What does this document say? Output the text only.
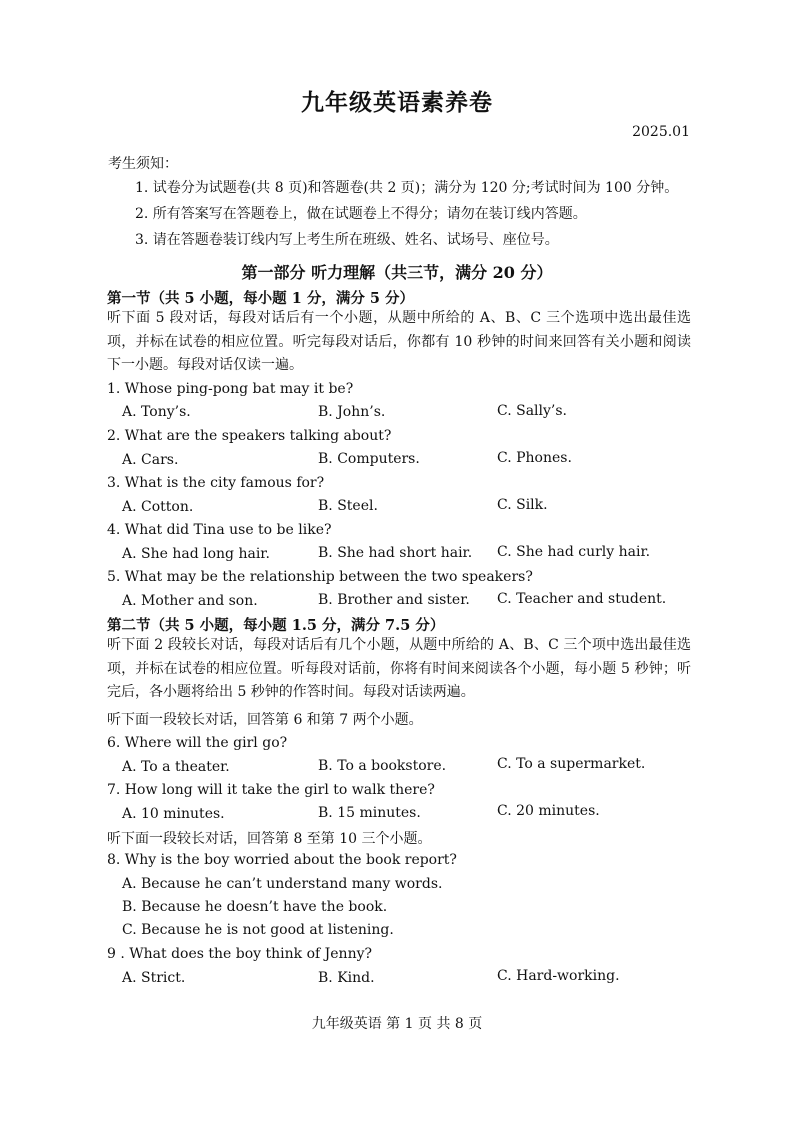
九年级英语素养卷
2025.01
考生须知：
1. 试卷分为试题卷(共 8 页)和答题卷(共 2 页)；满分为 120 分;考试时间为 100 分钟。
2. 所有答案写在答题卷上，做在试题卷上不得分；请勿在装订线内答题。
3. 请在答题卷装订线内写上考生所在班级、姓名、试场号、座位号。
第一部分 听力理解（共三节，满分 20 分）
第一节（共 5 小题，每小题 1 分，满分 5 分）
听下面 5 段对话，每段对话后有一个小题，从题中所给的 A、B、C 三个选项中选出最佳选项，并标在试卷的相应位置。听完每段对话后，你都有 10 秒钟的时间来回答有关小题和阅读下一小题。每段对话仅读一遍。
1. Whose ping-pong bat may it be?
A. Tony’s.	B. John’s.	C. Sally’s.
2. What are the speakers talking about?
A. Cars.	B. Computers.	C. Phones.
3. What is the city famous for?
A. Cotton.	B. Steel.	C. Silk.
4. What did Tina use to be like?
A. She had long hair.	B. She had short hair. C. She had curly hair.
5. What may be the relationship between the two speakers?
A. Mother and son.	B. Brother and sister. C. Teacher and student.
第二节（共 5 小题，每小题 1.5 分，满分 7.5 分）
听下面 2 段较长对话，每段对话后有几个小题，从题中所给的 A、B、C 三个项中选出最佳选项，并标在试卷的相应位置。听每段对话前，你将有时间来阅读各个小题，每小题 5 秒钟；听完后，各小题将给出 5 秒钟的作答时间。每段对话读两遍。
听下面一段较长对话，回答第 6 和第 7 两个小题。
6. Where will the girl go?
A. To a theater.	B. To a bookstore.	C. To a supermarket.
7. How long will it take the girl to walk there?
A. 10 minutes.	B. 15 minutes.	C. 20 minutes.
听下面一段较长对话，回答第 8 至第 10 三个小题。
8. Why is the boy worried about the book report?
A. Because he can’t understand many words.
B. Because he doesn’t have the book.
C. Because he is not good at listening.
9 . What does the boy think of Jenny?
A. Strict.	B. Kind.	C. Hard-working.
九年级英语 第 1 页 共 8 页
